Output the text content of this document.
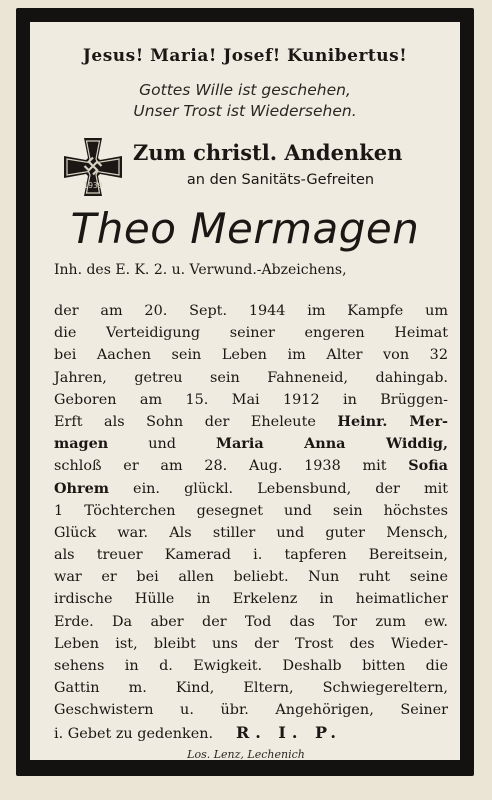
Jesus! Maria! Josef! Kunibertus!
Gottes Wille ist geschehen,
Unser Trost ist Wiedersehen.
1939
Zum christl. Andenken
an den Sanitäts-Gefreiten
Theo Mermagen
Inh. des E. K. 2. u. Verwund.-Abzeichens,
der am 20. Sept. 1944 im Kampfe um
die Verteidigung seiner engeren Heimat
bei Aachen sein Leben im Alter von 32
Jahren, getreu sein Fahneneid, dahingab.
Geboren am 15. Mai 1912 in Brüggen-
Erft als Sohn der Eheleute Heinr. Mer-
magen	und	Maria Anna Widdig,
schloß er am 28. Aug. 1938 mit Sofia
Ohrem ein. glückl. Lebensbund, der mit
1 Töchterchen gesegnet und sein höchstes
Glück war. Als stiller und guter Mensch,
als treuer Kamerad i. tapferen Bereitsein,
war er bei allen beliebt. Nun ruht seine
irdische Hülle in Erkelenz in heimatlicher
Erde. Da aber der Tod das Tor zum ew.
Leben ist, bleibt uns der Trost des Wieder-
sehens in d. Ewigkeit. Deshalb bitten die
Gattin m. Kind, Eltern, Schwiegereltern,
Geschwistern u. übr. Angehörigen, Seiner
i. Gebet zu gedenken. R. I. P.
Los. Lenz, Lechenich
